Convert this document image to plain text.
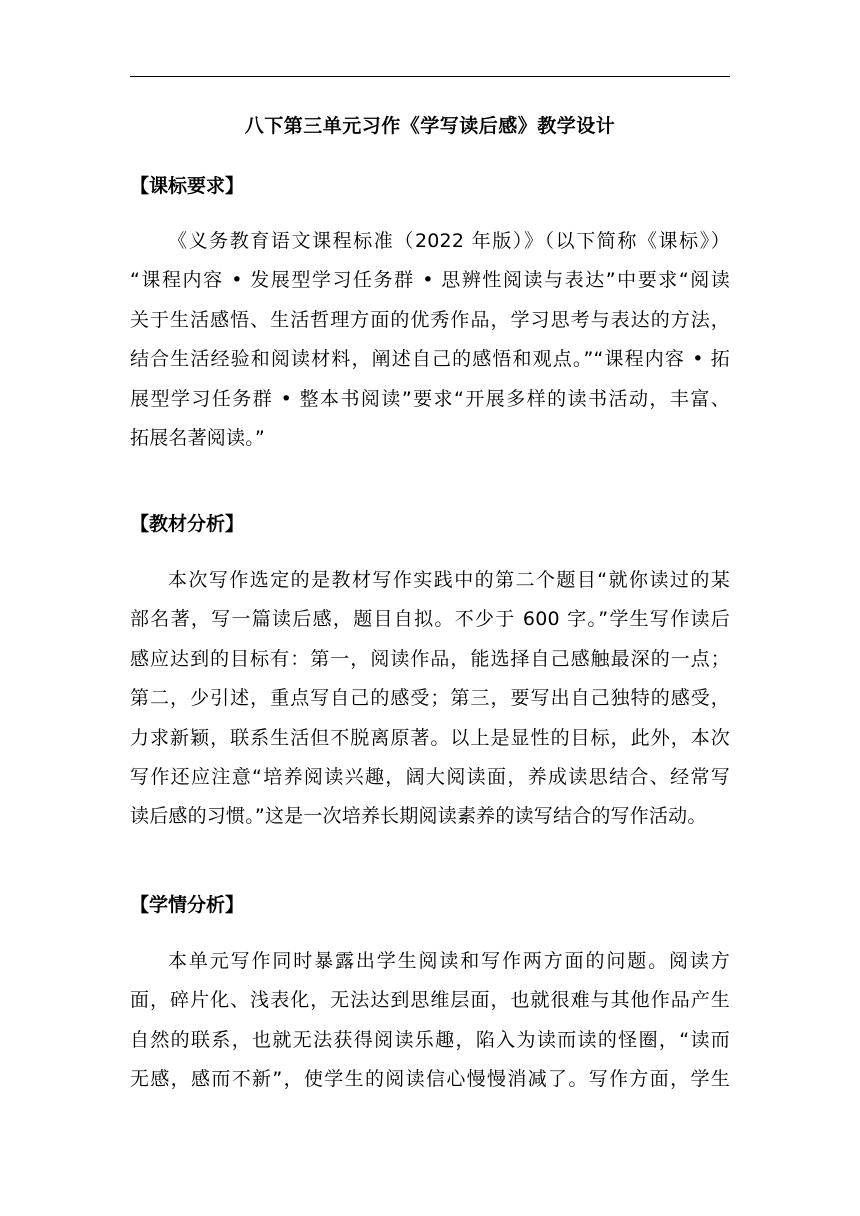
八下第三单元习作《学写读后感》教学设计
【课标要求】
《义务教育语文课程标准（2022 年版）》（以下简称《课标》）
“课程内容 • 发展型学习任务群 • 思辨性阅读与表达”中要求“阅读
关于生活感悟、生活哲理方面的优秀作品，学习思考与表达的方法，
结合生活经验和阅读材料，阐述自己的感悟和观点。”“课程内容 • 拓
展型学习任务群 • 整本书阅读”要求“开展多样的读书活动，丰富、
拓展名著阅读。”
【教材分析】
本次写作选定的是教材写作实践中的第二个题目“就你读过的某
部名著，写一篇读后感，题目自拟。不少于 600 字。”学生写作读后
感应达到的目标有：第一，阅读作品，能选择自己感触最深的一点；
第二，少引述，重点写自己的感受；第三，要写出自己独特的感受，
力求新颖，联系生活但不脱离原著。以上是显性的目标，此外，本次
写作还应注意“培养阅读兴趣，阔大阅读面，养成读思结合、经常写
读后感的习惯。”这是一次培养长期阅读素养的读写结合的写作活动。
【学情分析】
本单元写作同时暴露出学生阅读和写作两方面的问题。阅读方
面，碎片化、浅表化，无法达到思维层面，也就很难与其他作品产生
自然的联系，也就无法获得阅读乐趣，陷入为读而读的怪圈，“读而
无感，感而不新”，使学生的阅读信心慢慢消减了。写作方面，学生
